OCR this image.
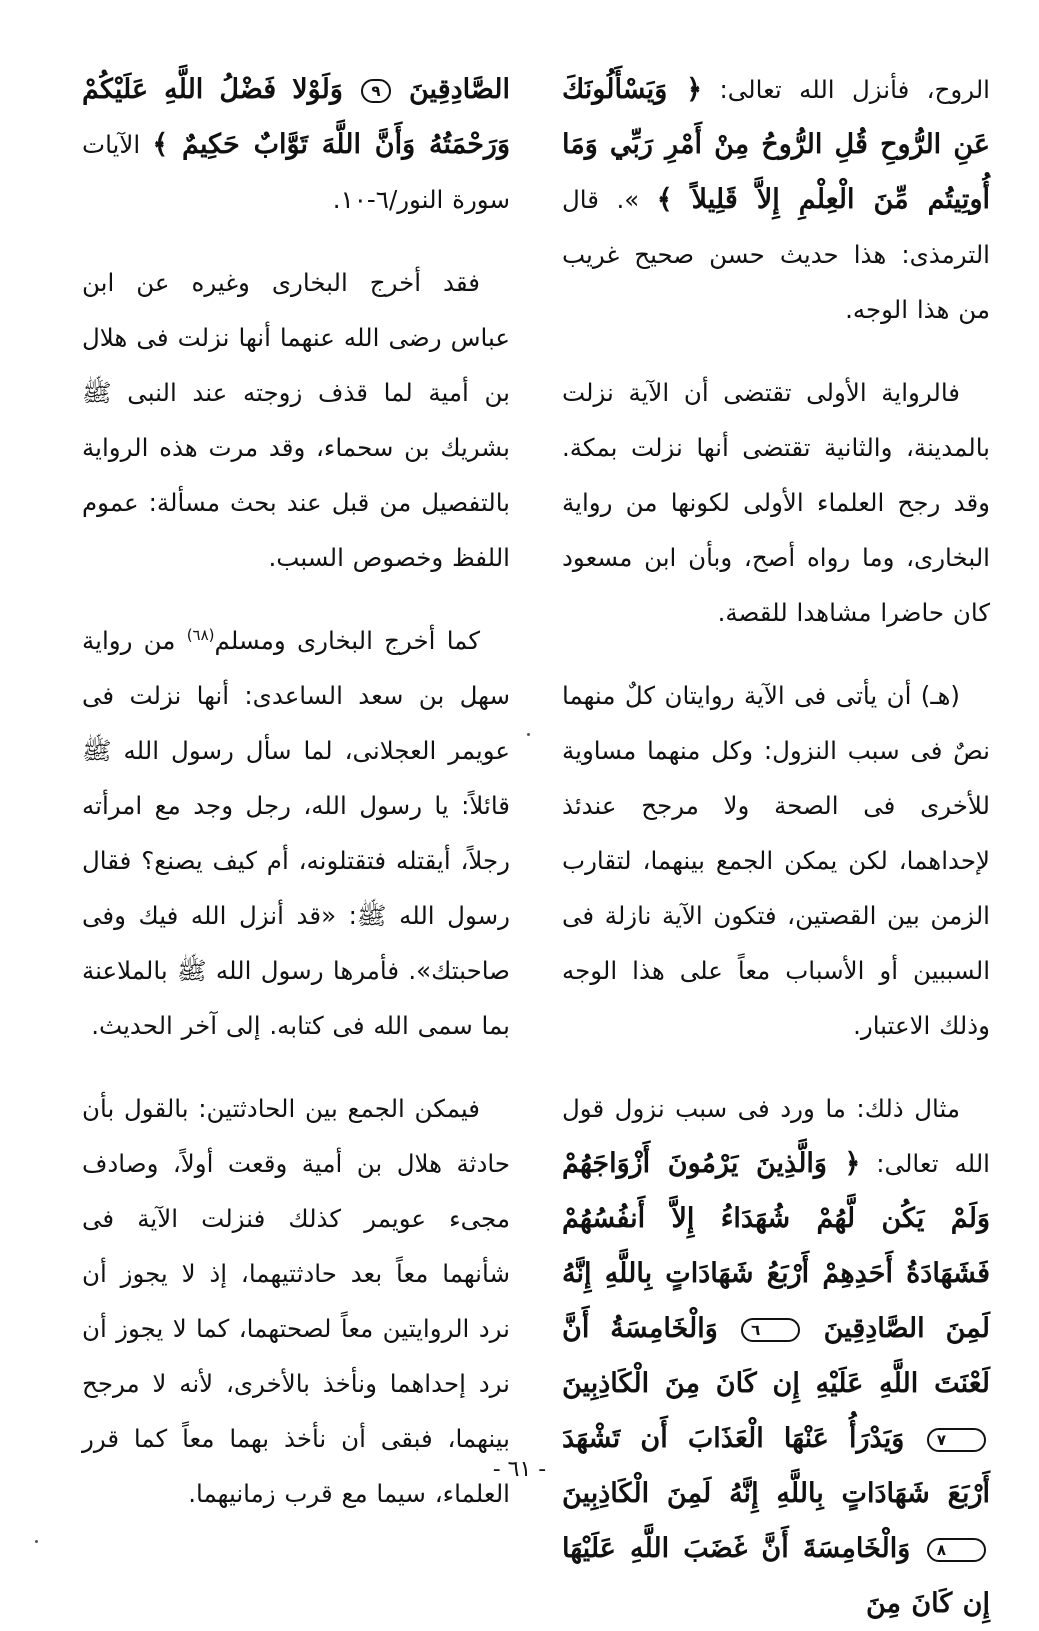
الروح، فأنزل الله تعالى: ﴿ وَيَسْأَلُونَكَ عَنِ الرُّوحِ قُلِ الرُّوحُ مِنْ أَمْرِ رَبِّي وَمَا أُوتِيتُم مِّنَ الْعِلْمِ إِلاَّ قَلِيلاً ﴾ ». قال الترمذى: هذا حديث حسن صحيح غريب من هذا الوجه.

فالرواية الأولى تقتضى أن الآية نزلت بالمدينة، والثانية تقتضى أنها نزلت بمكة. وقد رجح العلماء الأولى لكونها من رواية البخارى، وما رواه أصح، وبأن ابن مسعود كان حاضرا مشاهدا للقصة.

(هـ) أن يأتى فى الآية روايتان كلٌ منهما نصٌ فى سبب النزول: وكل منهما مساوية للأخرى فى الصحة ولا مرجح عندئذ لإحداهما، لكن يمكن الجمع بينهما، لتقارب الزمن بين القصتين، فتكون الآية نازلة فى السببين أو الأسباب معاً على هذا الوجه وذلك الاعتبار.

مثال ذلك: ما ورد فى سبب نزول قول الله تعالى: ﴿ وَالَّذِينَ يَرْمُونَ أَزْوَاجَهُمْ وَلَمْ يَكُن لَّهُمْ شُهَدَاءُ إِلاَّ أَنفُسُهُمْ فَشَهَادَةُ أَحَدِهِمْ أَرْبَعُ شَهَادَاتٍ بِاللَّهِ إِنَّهُ لَمِنَ الصَّادِقِينَ ٦ وَالْخَامِسَةُ أَنَّ لَعْنَتَ اللَّهِ عَلَيْهِ إِن كَانَ مِنَ الْكَاذِبِينَ ٧ وَيَدْرَأُ عَنْهَا الْعَذَابَ أَن تَشْهَدَ أَرْبَعَ شَهَادَاتٍ بِاللَّهِ إِنَّهُ لَمِنَ الْكَاذِبِينَ ٨ وَالْخَامِسَةَ أَنَّ غَضَبَ اللَّهِ عَلَيْهَا إِن كَانَ مِنَ

الصَّادِقِينَ ٩ وَلَوْلا فَضْلُ اللَّهِ عَلَيْكُمْ وَرَحْمَتُهُ وَأَنَّ اللَّهَ تَوَّابٌ حَكِيمٌ ﴾ الآيات سورة النور/٦-١٠.

فقد أخرج البخارى وغيره عن ابن عباس رضى الله عنهما أنها نزلت فى هلال بن أمية لما قذف زوجته عند النبى ﷺ بشريك بن سحماء، وقد مرت هذه الرواية بالتفصيل من قبل عند بحث مسألة: عموم اللفظ وخصوص السبب.

كما أخرج البخارى ومسلم$^{(٦٨)}$ من رواية سهل بن سعد الساعدى: أنها نزلت فى عويمر العجلانى، لما سأل رسول الله ﷺ قائلاً: يا رسول الله، رجل وجد مع امرأته رجلاً، أيقتله فتقتلونه، أم كيف يصنع؟ فقال رسول الله ﷺ: «قد أنزل الله فيك وفى صاحبتك». فأمرها رسول الله ﷺ بالملاعنة بما سمى الله فى كتابه. إلى آخر الحديث.

فيمكن الجمع بين الحادثتين: بالقول بأن حادثة هلال بن أمية وقعت أولاً، وصادف مجىء عويمر كذلك فنزلت الآية فى شأنهما معاً بعد حادثتيهما، إذ لا يجوز أن نرد الروايتين معاً لصحتهما، كما لا يجوز أن نرد إحداهما ونأخذ بالأخرى، لأنه لا مرجح بينهما، فبقى أن نأخذ بهما معاً كما قرر العلماء، سيما مع قرب زمانيهما.

- ٦١ -
